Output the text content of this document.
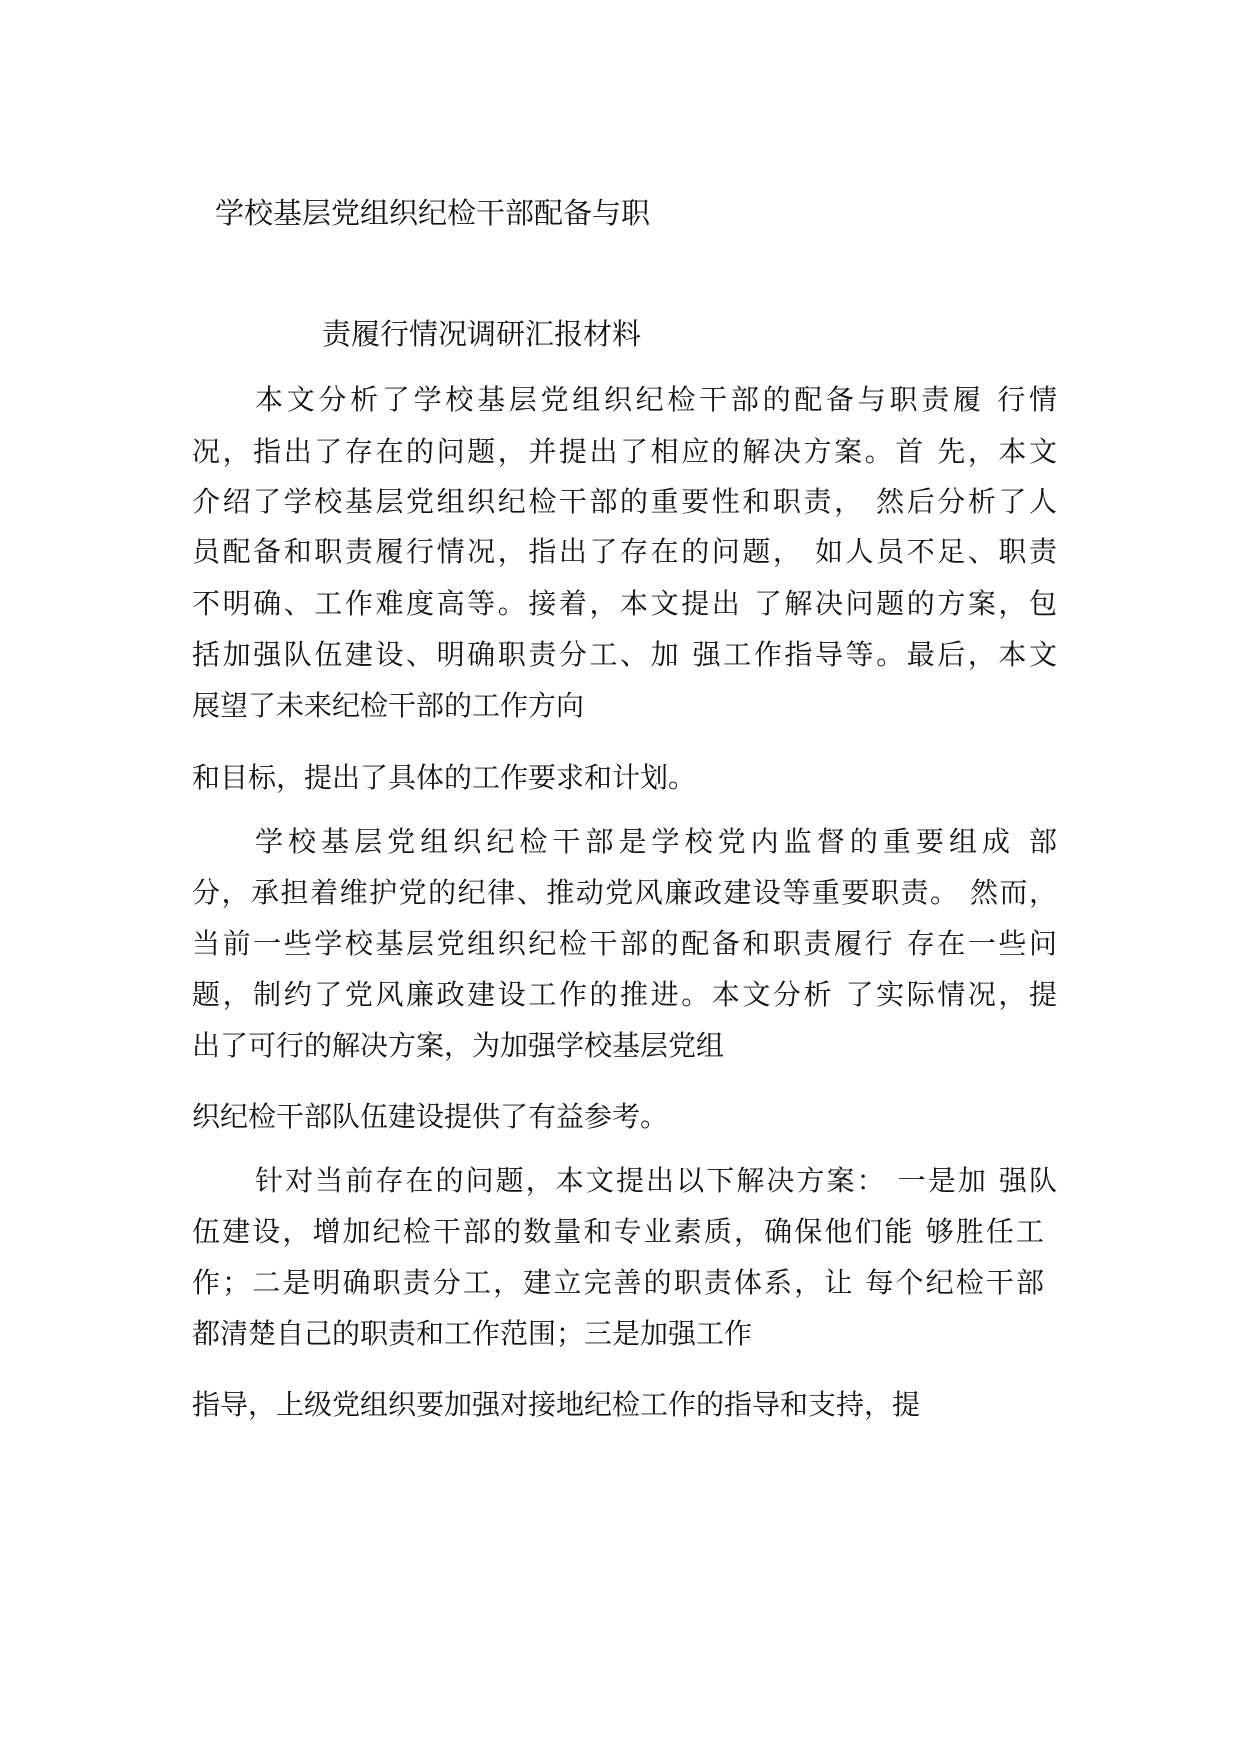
学校基层党组织纪检干部配备与职
责履行情况调研汇报材料
本文分析了学校基层党组织纪检干部的配备与职责履 行情
况，指出了存在的问题，并提出了相应的解决方案。首 先，本文
介绍了学校基层党组织纪检干部的重要性和职责， 然后分析了人
员配备和职责履行情况，指出了存在的问题， 如人员不足、职责
不明确、工作难度高等。接着，本文提出 了解决问题的方案，包
括加强队伍建设、明确职责分工、加 强工作指导等。最后，本文
展望了未来纪检干部的工作方向
和目标，提出了具体的工作要求和计划。
学校基层党组织纪检干部是学校党内监督的重要组成 部
分，承担着维护党的纪律、推动党风廉政建设等重要职责。 然而，
当前一些学校基层党组织纪检干部的配备和职责履行 存在一些问
题，制约了党风廉政建设工作的推进。本文分析 了实际情况，提
出了可行的解决方案，为加强学校基层党组
织纪检干部队伍建设提供了有益参考。
针对当前存在的问题，本文提出以下解决方案： 一是加 强队
伍建设，增加纪检干部的数量和专业素质，确保他们能 够胜任工
作；二是明确职责分工，建立完善的职责体系，让 每个纪检干部
都清楚自己的职责和工作范围；三是加强工作
指导，上级党组织要加强对接地纪检工作的指导和支持，提
